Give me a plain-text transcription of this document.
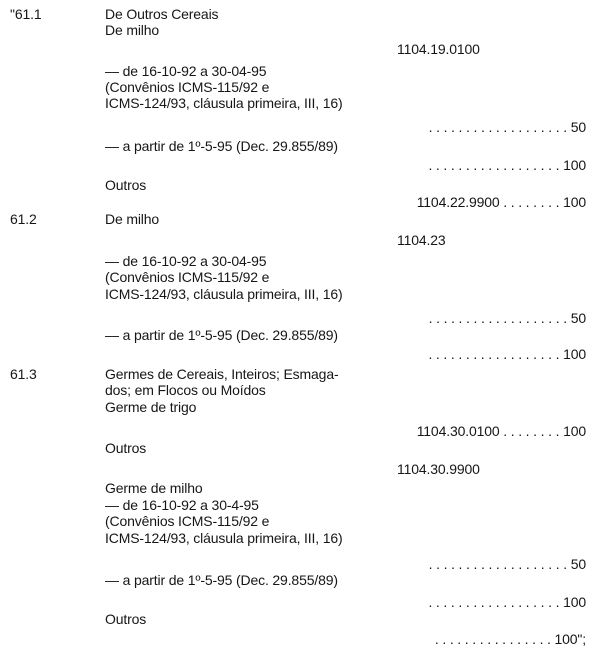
"61.1
61.2
61.3
De Outros Cereais
De milho
— de 16-10-92 a 30-04-95
(Convênios ICMS-115/92 e
ICMS-124/93, cláusula primeira, III, 16)
— a partir de 1º-5-95 (Dec. 29.855/89)
Outros
De milho
— de 16-10-92 a 30-04-95
(Convênios ICMS-115/92 e
ICMS-124/93, cláusula primeira, III, 16)
— a partir de 1º-5-95 (Dec. 29.855/89)
Germes de Cereais, Inteiros; Esmaga-
dos; em Flocos ou Moídos
Germe de trigo
Outros
Germe de milho
— de 16-10-92 a 30-4-95
(Convênios ICMS-115/92 e
ICMS-124/93, cláusula primeira, III, 16)
— a partir de 1º-5-95 (Dec. 29.855/89)
Outros
1104.19.0100
1104.22.9900 . . . . . . . . 100
1104.23
1104.30.0100 . . . . . . . . 100
1104.30.9900
. . . . . . . . . . . . . . . . . . . 50
. . . . . . . . . . . . . . . . . . 100
. . . . . . . . . . . . . . . . . . . 50
. . . . . . . . . . . . . . . . . . 100
. . . . . . . . . . . . . . . . . . . 50
. . . . . . . . . . . . . . . . . . 100
. . . . . . . . . . . . . . . . 100";
